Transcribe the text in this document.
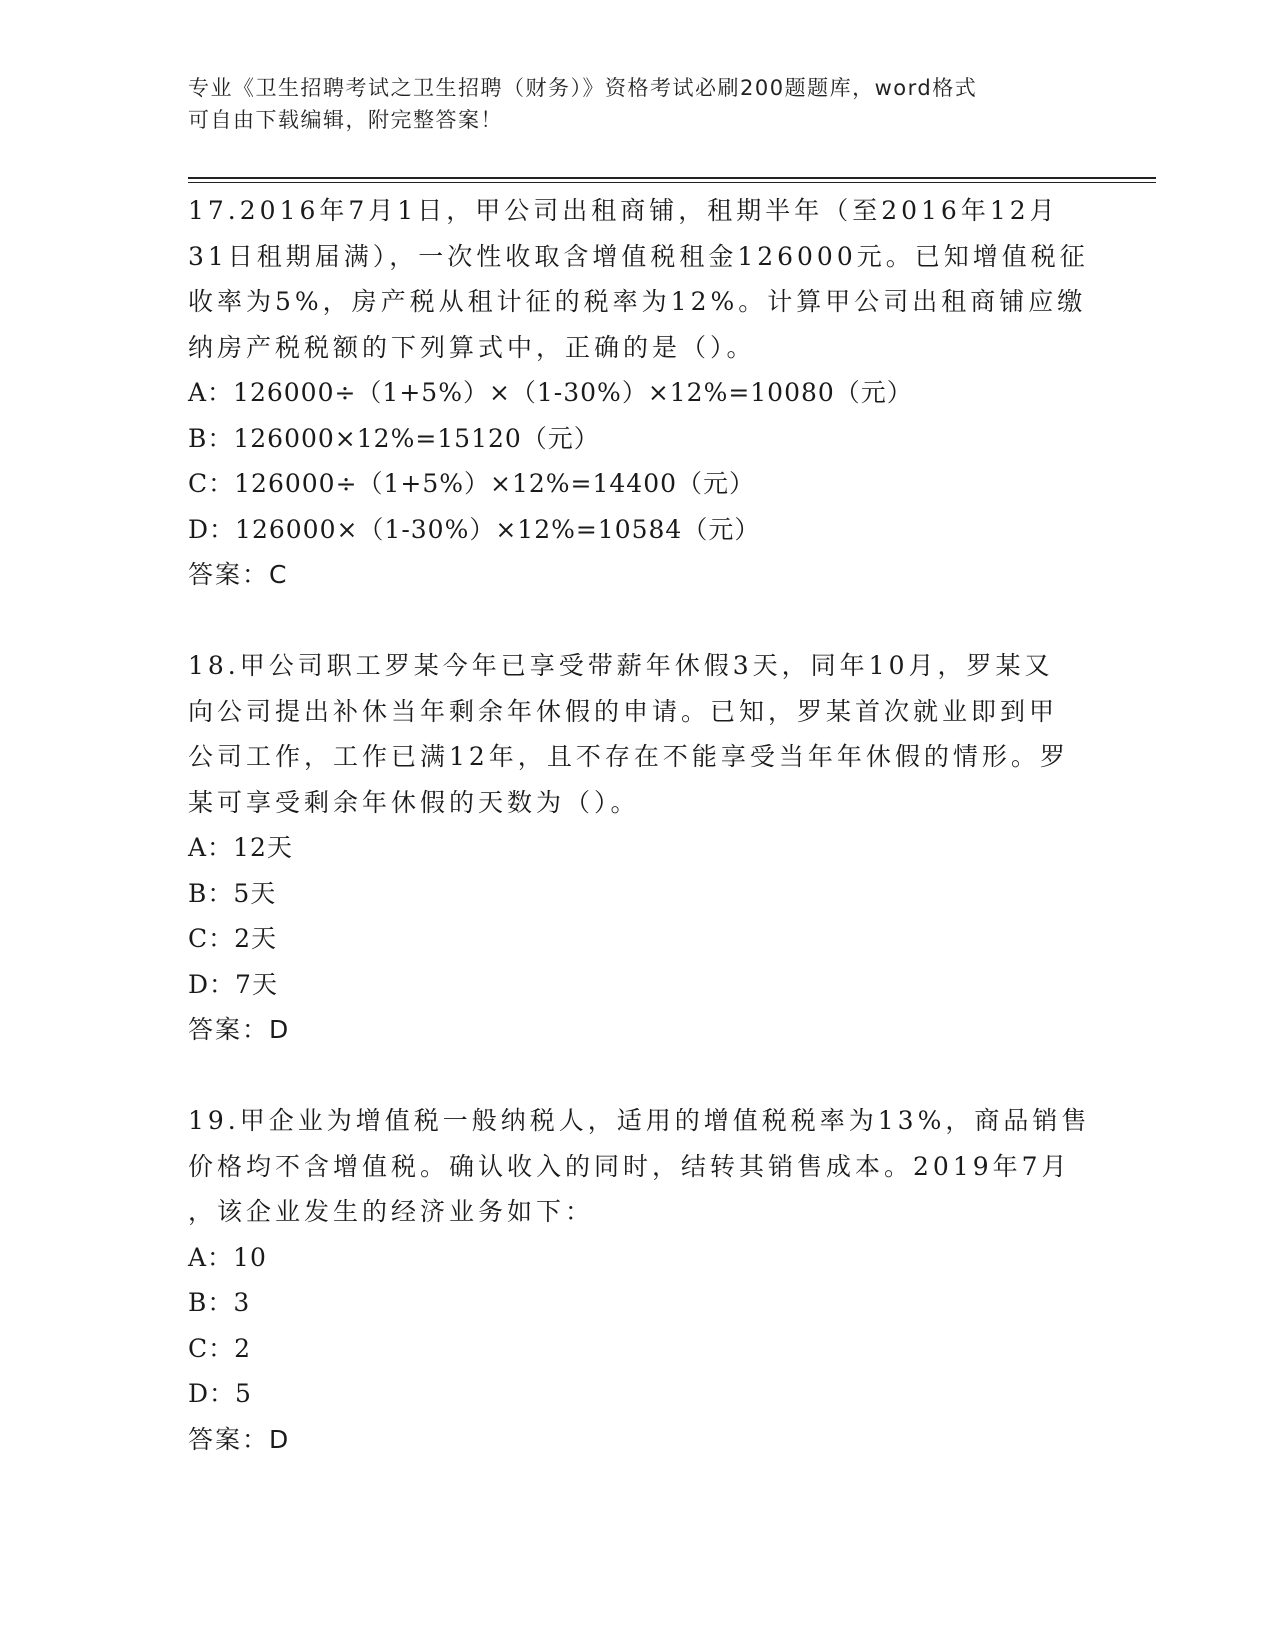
专业《卫生招聘考试之卫生招聘（财务）》资格考试必刷200题题库，word格式
可自由下载编辑，附完整答案！
17.2016年7月1日，甲公司出租商铺，租期半年（至2016年12月
31日租期届满），一次性收取含增值税租金126000元。已知增值税征
收率为5%，房产税从租计征的税率为12%。计算甲公司出租商铺应缴
纳房产税税额的下列算式中，正确的是（）。
A：126000÷（1+5%）×（1-30%）×12%=10080（元）
B：126000×12%=15120（元）
C：126000÷（1+5%）×12%=14400（元）
D：126000×（1-30%）×12%=10584（元）
答案：C
18.甲公司职工罗某今年已享受带薪年休假3天，同年10月，罗某又
向公司提出补休当年剩余年休假的申请。已知，罗某首次就业即到甲
公司工作，工作已满12年，且不存在不能享受当年年休假的情形。罗
某可享受剩余年休假的天数为（）。
A：12天
B：5天
C：2天
D：7天
答案：D
19.甲企业为增值税一般纳税人，适用的增值税税率为13%，商品销售
价格均不含增值税。确认收入的同时，结转其销售成本。2019年7月
，该企业发生的经济业务如下：
A：10
B：3
C：2
D：5
答案：D
